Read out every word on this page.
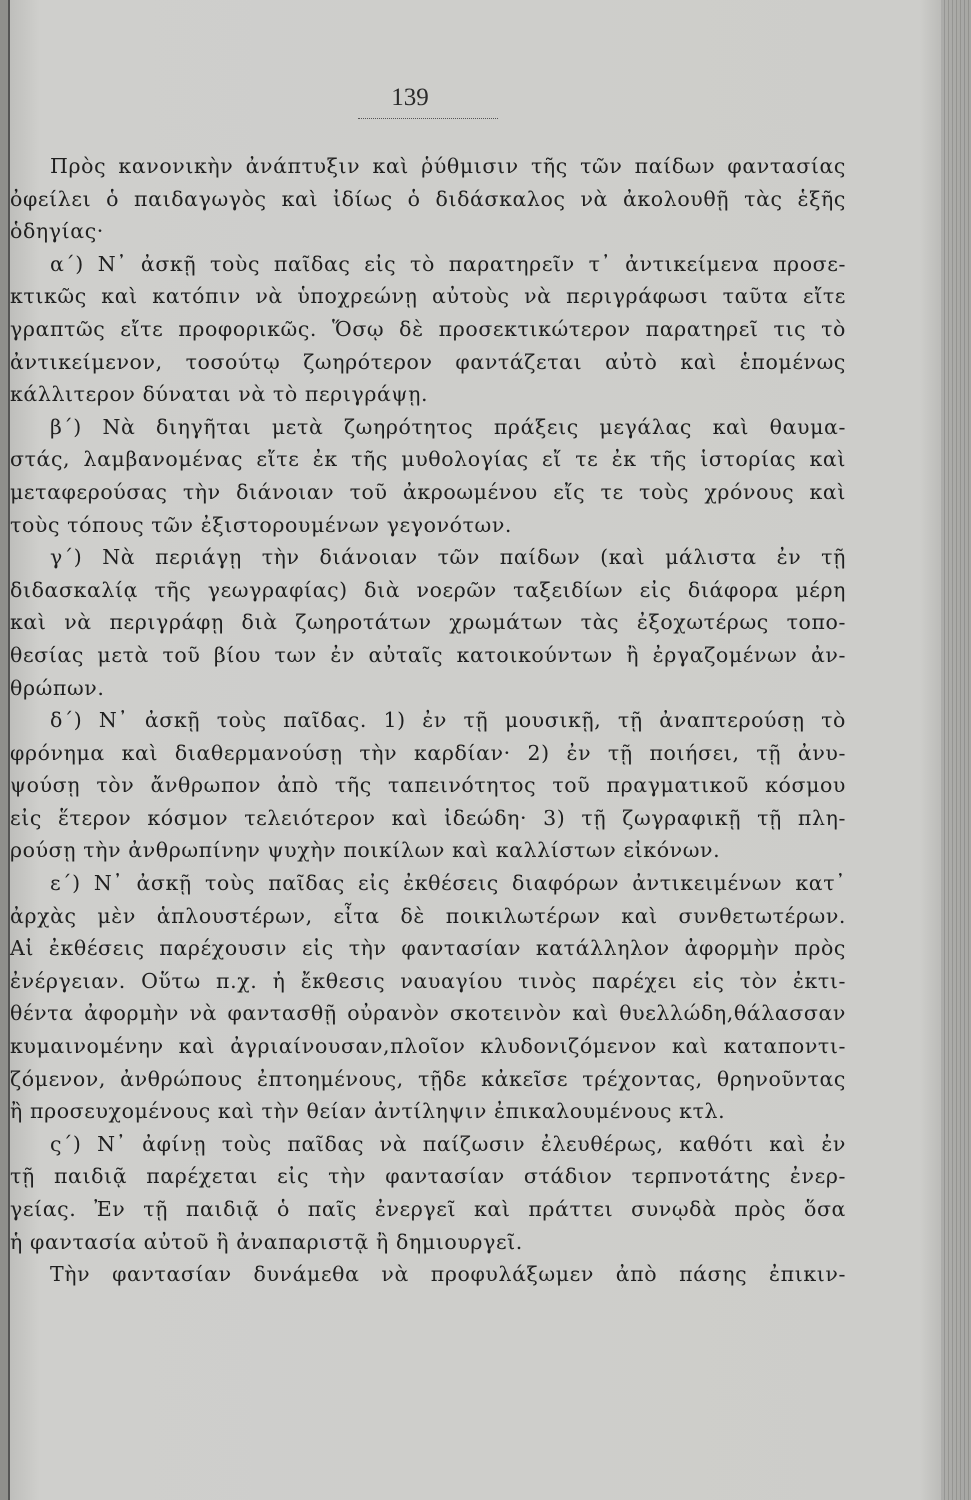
139
Πρὸς κανονικὴν ἀνάπτυξιν καὶ ῥύθμισιν τῆς τῶν παίδων φαντασίας
ὀφείλει ὁ παιδαγωγὸς καὶ ἰδίως ὁ διδάσκαλος νὰ ἀκολουθῇ τὰς ἑξῆς
ὁδηγίας·
α΄) Ν᾽ ἀσκῇ τοὺς παῖδας εἰς τὸ παρατηρεῖν τ᾽ ἀντικείμενα προσε-
κτικῶς καὶ κατόπιν νὰ ὑποχρεώνῃ αὐτοὺς νὰ περιγράφωσι ταῦτα εἴτε
γραπτῶς εἴτε προφορικῶς. Ὅσῳ δὲ προσεκτικώτερον παρατηρεῖ τις τὸ
ἀντικείμενον, τοσούτῳ ζωηρότερον φαντάζεται αὐτὸ καὶ ἑπομένως
κάλλιτερον δύναται νὰ τὸ περιγράψῃ.
β΄) Νὰ διηγῆται μετὰ ζωηρότητος πράξεις μεγάλας καὶ θαυμα-
στάς, λαμβανομένας εἴτε ἐκ τῆς μυθολογίας εἴ τε ἐκ τῆς ἱστορίας καὶ
μεταφερούσας τὴν διάνοιαν τοῦ ἀκροωμένου εἴς τε τοὺς χρόνους καὶ
τοὺς τόπους τῶν ἐξιστορουμένων γεγονότων.
γ΄) Νὰ περιάγῃ τὴν διάνοιαν τῶν παίδων (καὶ μάλιστα ἐν τῇ
διδασκαλίᾳ τῆς γεωγραφίας) διὰ νοερῶν ταξειδίων εἰς διάφορα μέρη
καὶ νὰ περιγράφῃ διὰ ζωηροτάτων χρωμάτων τὰς ἐξοχωτέρως τοπο-
θεσίας μετὰ τοῦ βίου των ἐν αὐταῖς κατοικούντων ἢ ἐργαζομένων ἀν-
θρώπων.
δ΄) Ν᾽ ἀσκῇ τοὺς παῖδας. 1) ἐν τῇ μουσικῇ, τῇ ἀναπτερούσῃ τὸ
φρόνημα καὶ διαθερμανούσῃ τὴν καρδίαν· 2) ἐν τῇ ποιήσει, τῇ ἀνυ-
ψούσῃ τὸν ἄνθρωπον ἀπὸ τῆς ταπεινότητος τοῦ πραγματικοῦ κόσμου
εἰς ἕτερον κόσμον τελειότερον καὶ ἰδεώδη· 3) τῇ ζωγραφικῇ τῇ πλη-
ρούσῃ τὴν ἀνθρωπίνην ψυχὴν ποικίλων καὶ καλλίστων εἰκόνων.
ε΄) Ν᾽ ἀσκῇ τοὺς παῖδας εἰς ἐκθέσεις διαφόρων ἀντικειμένων κατ᾽
ἀρχὰς μὲν ἁπλουστέρων, εἶτα δὲ ποικιλωτέρων καὶ συνθετωτέρων.
Αἱ ἐκθέσεις παρέχουσιν εἰς τὴν φαντασίαν κατάλληλον ἀφορμὴν πρὸς
ἐνέργειαν. Οὕτω π.χ. ἡ ἔκθεσις ναυαγίου τινὸς παρέχει εἰς τὸν ἐκτι-
θέντα ἀφορμὴν νὰ φαντασθῇ οὐρανὸν σκοτεινὸν καὶ θυελλώδη,θάλασσαν
κυμαινομένην καὶ ἀγριαίνουσαν,πλοῖον κλυδονιζόμενον καὶ καταποντι-
ζόμενον, ἀνθρώπους ἐπτοημένους, τῇδε κἀκεῖσε τρέχοντας, θρηνοῦντας
ἢ προσευχομένους καὶ τὴν θείαν ἀντίληψιν ἐπικαλουμένους κτλ.
ς΄) Ν᾽ ἀφίνῃ τοὺς παῖδας νὰ παίζωσιν ἐλευθέρως, καθότι καὶ ἐν
τῇ παιδιᾷ παρέχεται εἰς τὴν φαντασίαν στάδιον τερπνοτάτης ἐνερ-
γείας. Ἐν τῇ παιδιᾷ ὁ παῖς ἐνεργεῖ καὶ πράττει συνῳδὰ πρὸς ὅσα
ἡ φαντασία αὐτοῦ ἢ ἀναπαριστᾷ ἢ δημιουργεῖ.
Τὴν φαντασίαν δυνάμεθα νὰ προφυλάξωμεν ἀπὸ πάσης ἐπικιν-
